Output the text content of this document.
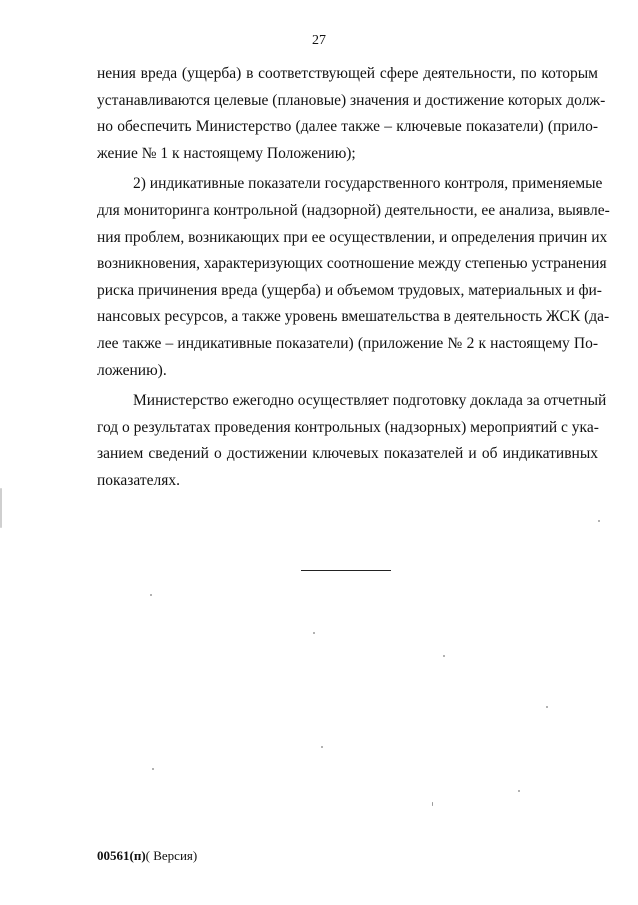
27
нения вреда (ущерба) в соответствующей сфере деятельности, по которым
устанавливаются целевые (плановые) значения и достижение которых долж-
но обеспечить Министерство (далее также – ключевые показатели) (прило-
жение № 1 к настоящему Положению);
2) индикативные показатели государственного контроля, применяемые
для мониторинга контрольной (надзорной) деятельности, ее анализа, выявле-
ния проблем, возникающих при ее осуществлении, и определения причин их
возникновения, характеризующих соотношение между степенью устранения
риска причинения вреда (ущерба) и объемом трудовых, материальных и фи-
нансовых ресурсов, а также уровень вмешательства в деятельность ЖСК (да-
лее также – индикативные показатели) (приложение № 2 к настоящему По-
ложению).
Министерство ежегодно осуществляет подготовку доклада за отчетный
год о результатах проведения контрольных (надзорных) мероприятий с ука-
занием сведений о достижении ключевых показателей и об индикативных
показателях.
00561(п)( Версия)
